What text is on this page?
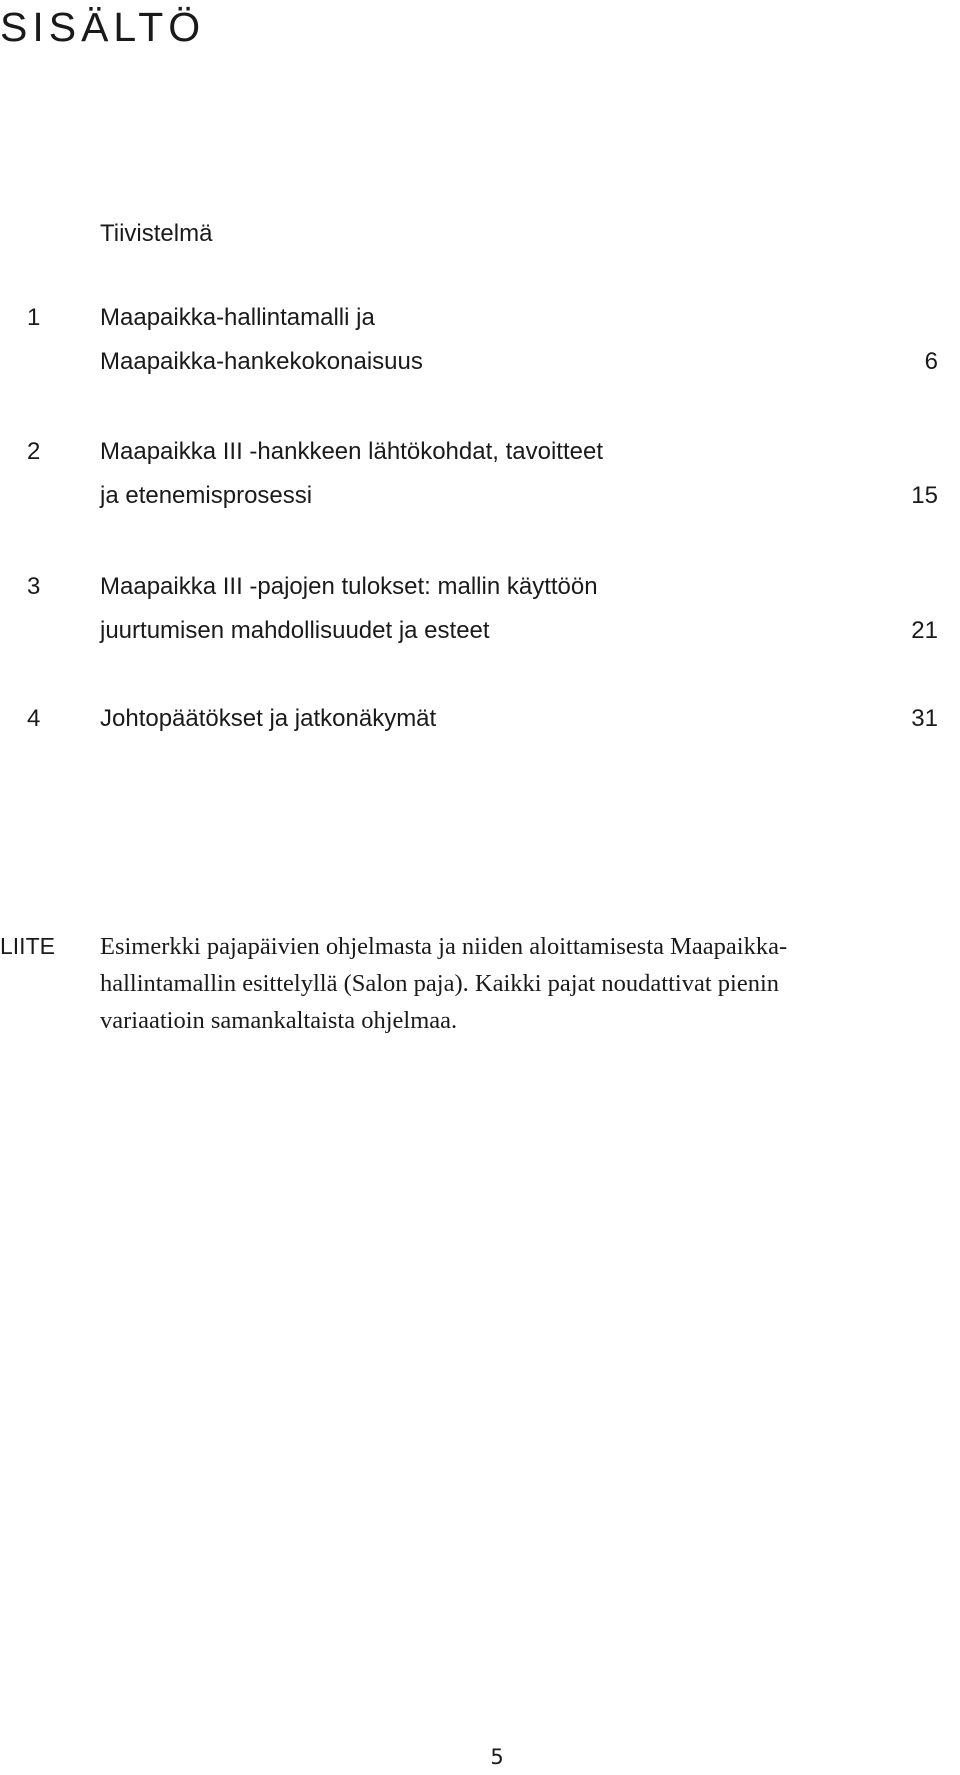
SISÄLTÖ
Tiivistelmä
1 Maapaikka-hallintamalli ja
Maapaikka-hankekokonaisuus	6
2 Maapaikka III -hankkeen lähtökohdat, tavoitteet
ja etenemisprosessi	15
3 Maapaikka III -pajojen tulokset: mallin käyttöön
juurtumisen mahdollisuudet ja esteet	21
4 Johtopäätökset ja jatkonäkymät	31
LIITE Esimerkki pajapäivien ohjelmasta ja niiden aloittamisesta Maapaikka-
hallintamallin esittelyllä (Salon paja). Kaikki pajat noudattivat pienin
variaatioin samankaltaista ohjelmaa.
5
